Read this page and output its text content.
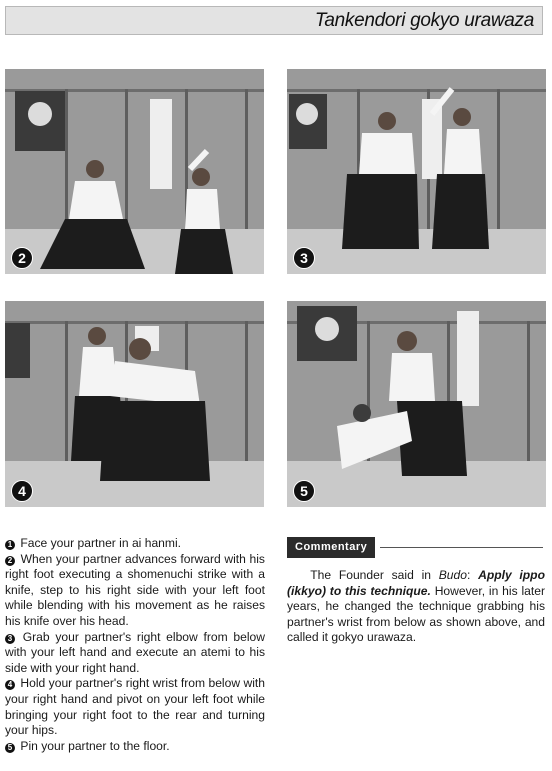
Tankendori gokyo urawaza
2	3
4	5

1 Face your partner in ai hanmi.

2 When your partner advances forward with his right foot executing a shomenuchi strike with a knife, step to his right side with your left foot while blending with his movement as he raises his knife over his head.

3 Grab your partner's right elbow from below with your left hand and execute an atemi to his side with your right hand.

4 Hold your partner's right wrist from below with your right hand and pivot on your left foot while bringing your right foot to the rear and turning your hips.

5 Pin your partner to the floor.

Commentary
The Founder said in Budo: Apply ippo (ikkyo) to this technique. However, in his later years, he changed the technique grabbing his partner's wrist from below as shown above, and called it gokyo urawaza.
